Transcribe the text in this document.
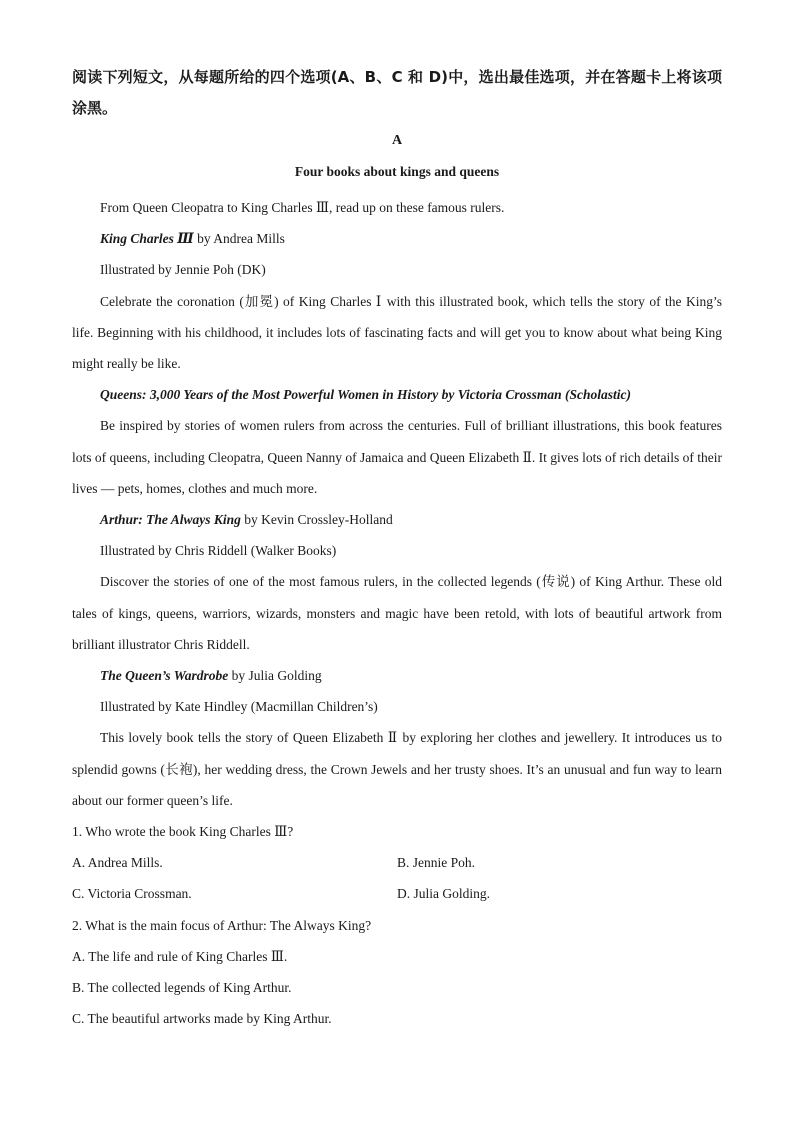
阅读下列短文，从每题所给的四个选项(A、B、C 和 D)中，选出最佳选项，并在答题卡上将该项涂黑。

A
Four books about kings and queens

From Queen Cleopatra to King Charles Ⅲ, read up on these famous rulers.

King Charles Ⅲ by Andrea Mills

Illustrated by Jennie Poh (DK)

Celebrate the coronation (加冕) of King Charles Ⅰ with this illustrated book, which tells the story of the King’s life. Beginning with his childhood, it includes lots of fascinating facts and will get you to know about what being King might really be like.

Queens: 3,000 Years of the Most Powerful Women in History by Victoria Crossman (Scholastic)

Be inspired by stories of women rulers from across the centuries. Full of brilliant illustrations, this book features lots of queens, including Cleopatra, Queen Nanny of Jamaica and Queen Elizabeth Ⅱ. It gives lots of rich details of their lives — pets, homes, clothes and much more.

Arthur: The Always King by Kevin Crossley-Holland

Illustrated by Chris Riddell (Walker Books)

Discover the stories of one of the most famous rulers, in the collected legends (传说) of King Arthur. These old tales of kings, queens, warriors, wizards, monsters and magic have been retold, with lots of beautiful artwork from brilliant illustrator Chris Riddell.

The Queen’s Wardrobe by Julia Golding

Illustrated by Kate Hindley (Macmillan Children’s)

This lovely book tells the story of Queen Elizabeth Ⅱ by exploring her clothes and jewellery. It introduces us to splendid gowns (长袍), her wedding dress, the Crown Jewels and her trusty shoes. It’s an unusual and fun way to learn about our former queen’s life.

1. Who wrote the book King Charles Ⅲ?

A. Andrea Mills.	B. Jennie Poh.
C. Victoria Crossman.	D. Julia Golding.

2. What is the main focus of Arthur: The Always King?

A. The life and rule of King Charles Ⅲ.

B. The collected legends of King Arthur.

C. The beautiful artworks made by King Arthur.
